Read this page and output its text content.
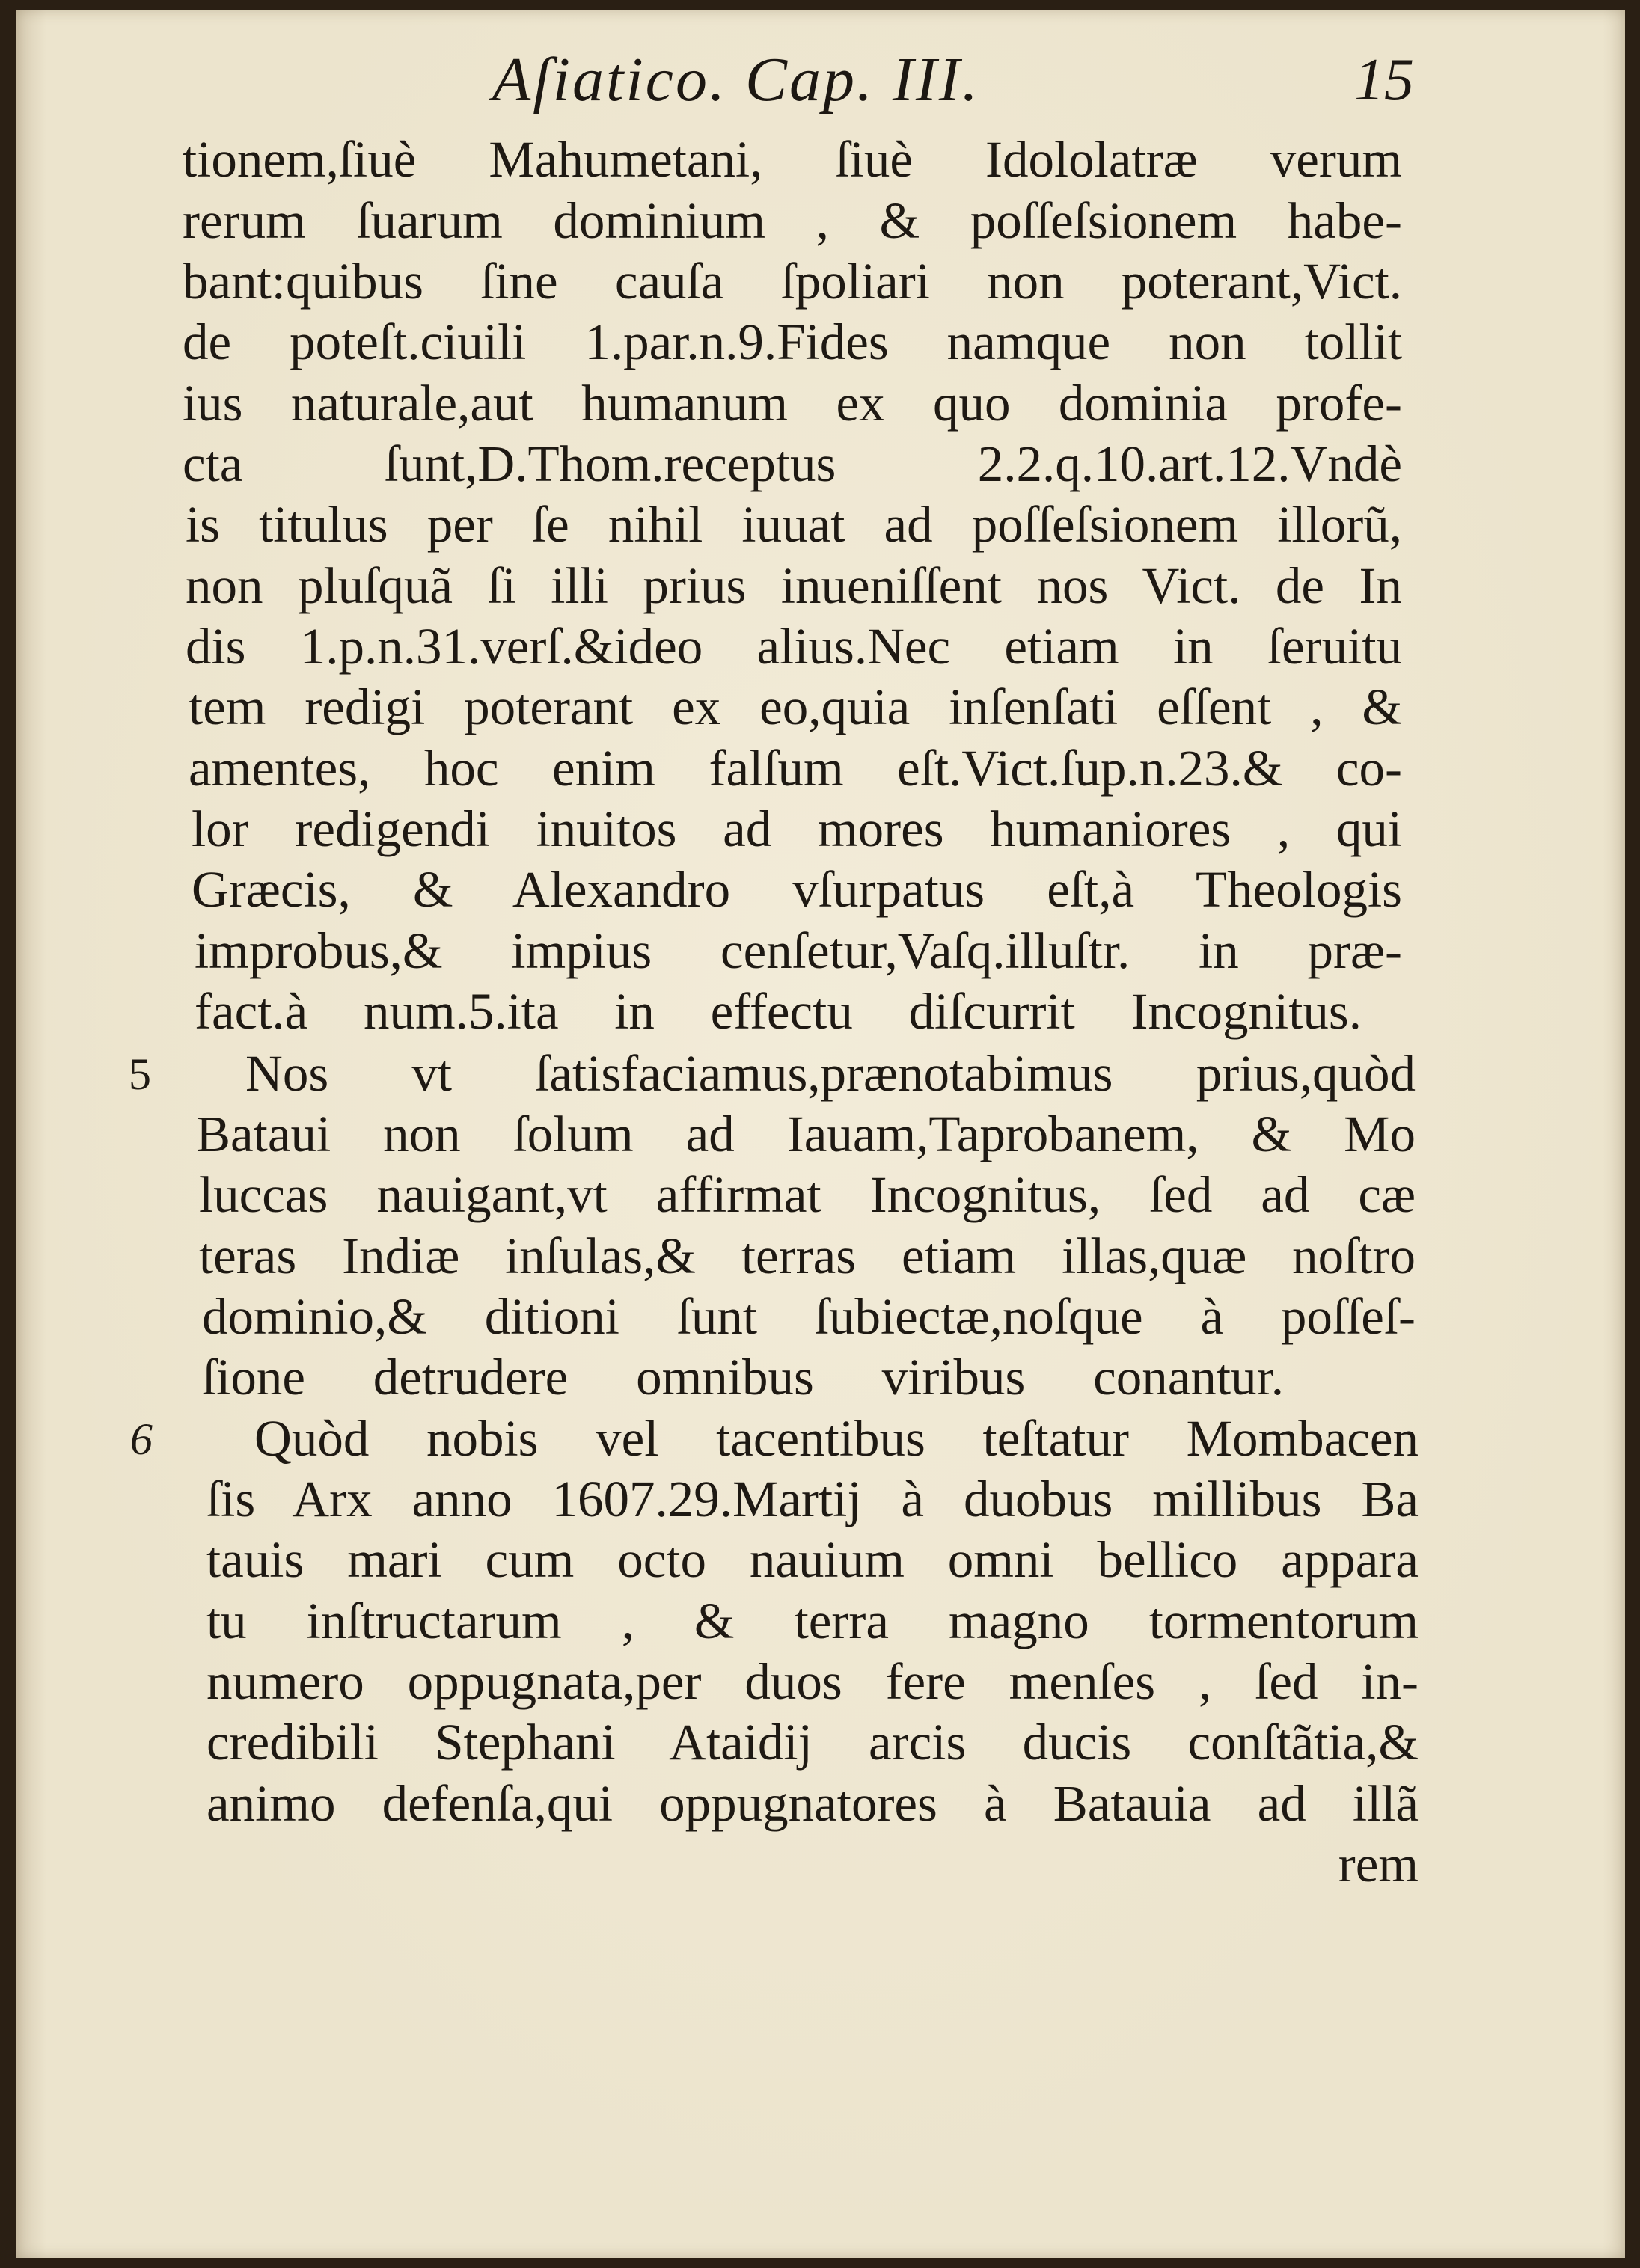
Aſiatico. Cap. III.	15
tionem,ſiuè Mahumetani, ſiuè Idololatræ verum
rerum ſuarum dominium , & poſſeſsionem habe-
bant:quibus ſine cauſa ſpoliari non poterant,Vict.
de poteſt.ciuili 1.par.n.9.Fides namque non tollit
ius naturale,aut humanum ex quo dominia profe-
cta ſunt,D.Thom.receptus 2.2.q.10.art.12.Vndè
is titulus per ſe nihil iuuat ad poſſeſsionem illorũ,
non pluſquã ſi illi prius inueniſſent nos Vict. de In
dis 1.p.n.31.verſ.&ideo alius.Nec etiam in ſeruitu
tem redigi poterant ex eo,quia inſenſati eſſent , &
amentes, hoc enim falſum eſt.Vict.ſup.n.23.& co-
lor redigendi inuitos ad mores humaniores , qui
Græcis, & Alexandro vſurpatus eſt,à Theologis
improbus,& impius cenſetur,Vaſq.illuſtr. in præ-
fact.à num.5.ita in effectu diſcurrit Incognitus.
5 Nos vt ſatisfaciamus,prænotabimus prius,quòd
Bataui non ſolum ad Iauam,Taprobanem, & Mo
luccas nauigant,vt affirmat Incognitus, ſed ad cæ
teras Indiæ inſulas,& terras etiam illas,quæ noſtro
dominio,& ditioni ſunt ſubiectæ,noſque à poſſeſ-
ſione detrudere omnibus viribus conantur.
6 Quòd nobis vel tacentibus teſtatur Mombacen
ſis Arx anno 1607.29.Martij à duobus millibus Ba
tauis mari cum octo nauium omni bellico appara
tu inſtructarum , & terra magno tormentorum
numero oppugnata,per duos fere menſes , ſed in-
credibili Stephani Ataidij arcis ducis conſtãtia,&
animo defenſa,qui oppugnatores à Batauia ad illã
rem
